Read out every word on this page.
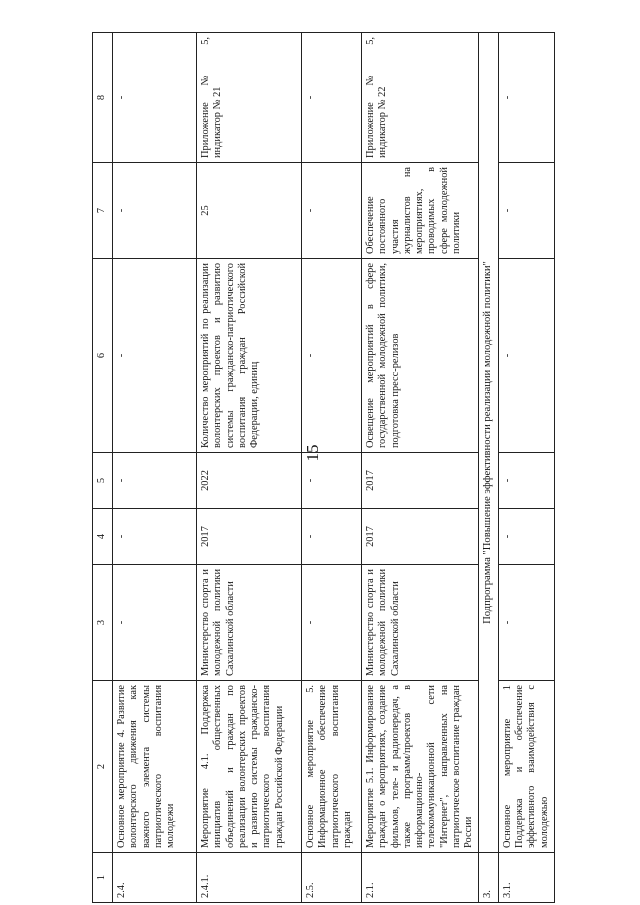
15
1	2	3	4	5	6	7	8
2.4.	Основное мероприятие 4. Развитие волонтерского движения как важного элемента системы патриотического воспитания молодежи	-	-	-	-	-	-
2.4.1.	Мероприятие 4.1. Поддержка инициатив общественных объединений и граждан по реализации волонтерских проектов и развитию системы гражданско-патриотического воспитания граждан Российской Федерации	Министерство спорта и молодежной политики Сахалинской области	2017	2022	Количество мероприятий по реализации волонтерских проектов и развитию системы гражданско-патриотического воспитания граждан Российской Федерации, единиц	25	Приложение № 5, индикатор № 21
2.5.	Основное мероприятие 5. Информационное обеспечение патриотического воспитания граждан	-	-	-	-	-	-
2.1.	Мероприятие 5.1. Информирование граждан о мероприятиях, создание фильмов, теле- и радиопередач, а также программ/проектов в информационно-телекоммуникационной сети "Интернет", направленных на патриотическое воспитание граждан России	Министерство спорта и молодежной политики Сахалинской области	2017	2017	Освещение мероприятий в сфере государственной молодежной политики, подготовка пресс-релизов	Обеспечение постоянного участия журналистов на мероприятиях, проводимых в сфере молодежной политики	Приложение № 5, индикатор № 22
3.	Подпрограмма "Повышение эффективности реализации молодежной политики"						
3.1.	Основное мероприятие 1 Поддержка и обеспечение эффективного взаимодействия с молодежью	-	-	-	-	-	-
